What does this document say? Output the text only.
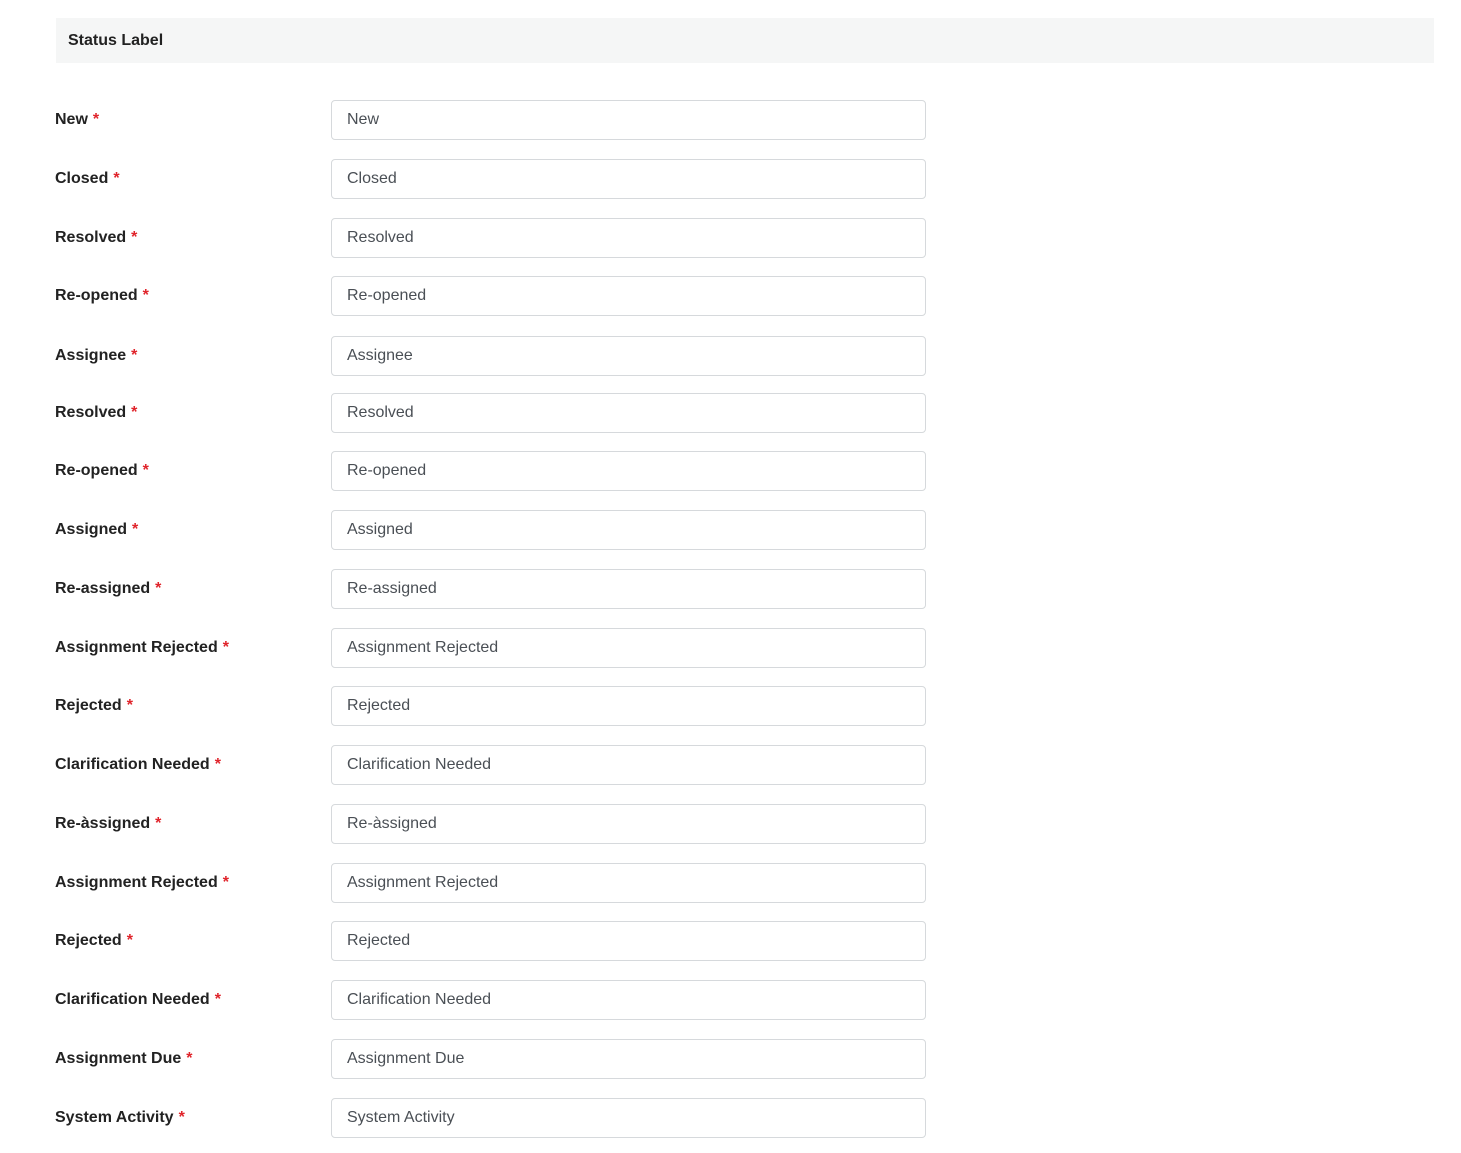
Status Label
New *
New
Closed *
Closed
Resolved *
Resolved
Re-opened *
Re-opened
Assignee *
Assignee
Resolved *
Resolved
Re-opened *
Re-opened
Assigned *
Assigned
Re-assigned *
Re-assigned
Assignment Rejected *
Assignment Rejected
Rejected *
Rejected
Clarification Needed *
Clarification Needed
Re-àssigned *
Re-àssigned
Assignment Rejected *
Assignment Rejected
Rejected *
Rejected
Clarification Needed *
Clarification Needed
Assignment Due *
Assignment Due
System Activity *
System Activity
